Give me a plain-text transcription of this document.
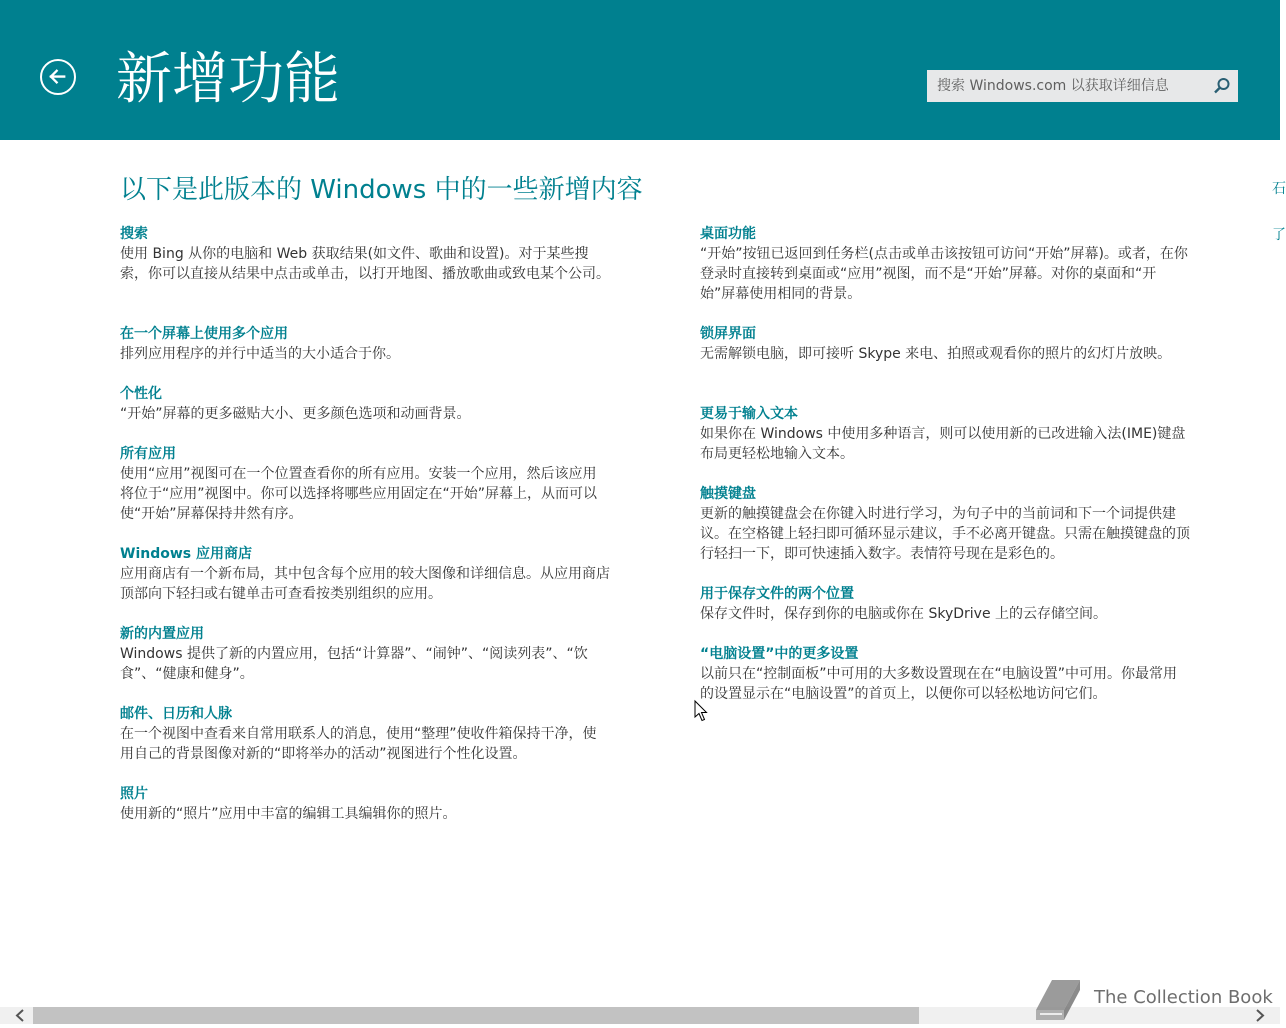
新增功能
搜索 Windows.com 以获取详细信息
以下是此版本的 Windows 中的一些新增内容
搜索
使用 Bing 从你的电脑和 Web 获取结果(如文件、歌曲和设置)。对于某些搜索，你可以直接从结果中点击或单击，以打开地图、播放歌曲或致电某个公司。
在一个屏幕上使用多个应用
排列应用程序的并行中适当的大小适合于你。
个性化
“开始”屏幕的更多磁贴大小、更多颜色选项和动画背景。
所有应用
使用“应用”视图可在一个位置查看你的所有应用。安装一个应用，然后该应用将位于“应用”视图中。你可以选择将哪些应用固定在“开始”屏幕上，从而可以使“开始”屏幕保持井然有序。
Windows 应用商店
应用商店有一个新布局，其中包含每个应用的较大图像和详细信息。从应用商店顶部向下轻扫或右键单击可查看按类别组织的应用。
新的内置应用
Windows 提供了新的内置应用，包括“计算器”、“闹钟”、“阅读列表”、“饮食”、“健康和健身”。
邮件、日历和人脉
在一个视图中查看来自常用联系人的消息，使用“整理”使收件箱保持干净，使用自己的背景图像对新的“即将举办的活动”视图进行个性化设置。
照片
使用新的“照片”应用中丰富的编辑工具编辑你的照片。
桌面功能
“开始”按钮已返回到任务栏(点击或单击该按钮可访问“开始”屏幕)。或者，在你登录时直接转到桌面或“应用”视图，而不是“开始”屏幕。对你的桌面和“开始”屏幕使用相同的背景。
锁屏界面
无需解锁电脑，即可接听 Skype 来电、拍照或观看你的照片的幻灯片放映。
更易于输入文本
如果你在 Windows 中使用多种语言，则可以使用新的已改进输入法(IME)键盘布局更轻松地输入文本。
触摸键盘
更新的触摸键盘会在你键入时进行学习，为句子中的当前词和下一个词提供建议。在空格键上轻扫即可循环显示建议，手不必离开键盘。只需在触摸键盘的顶行轻扫一下，即可快速插入数字。表情符号现在是彩色的。
用于保存文件的两个位置
保存文件时，保存到你的电脑或你在 SkyDrive 上的云存储空间。
“电脑设置”中的更多设置
以前只在“控制面板”中可用的大多数设置现在在“电脑设置”中可用。你最常用的设置显示在“电脑设置”的首页上，以便你可以轻松地访问它们。
石
了
The Collection Book
